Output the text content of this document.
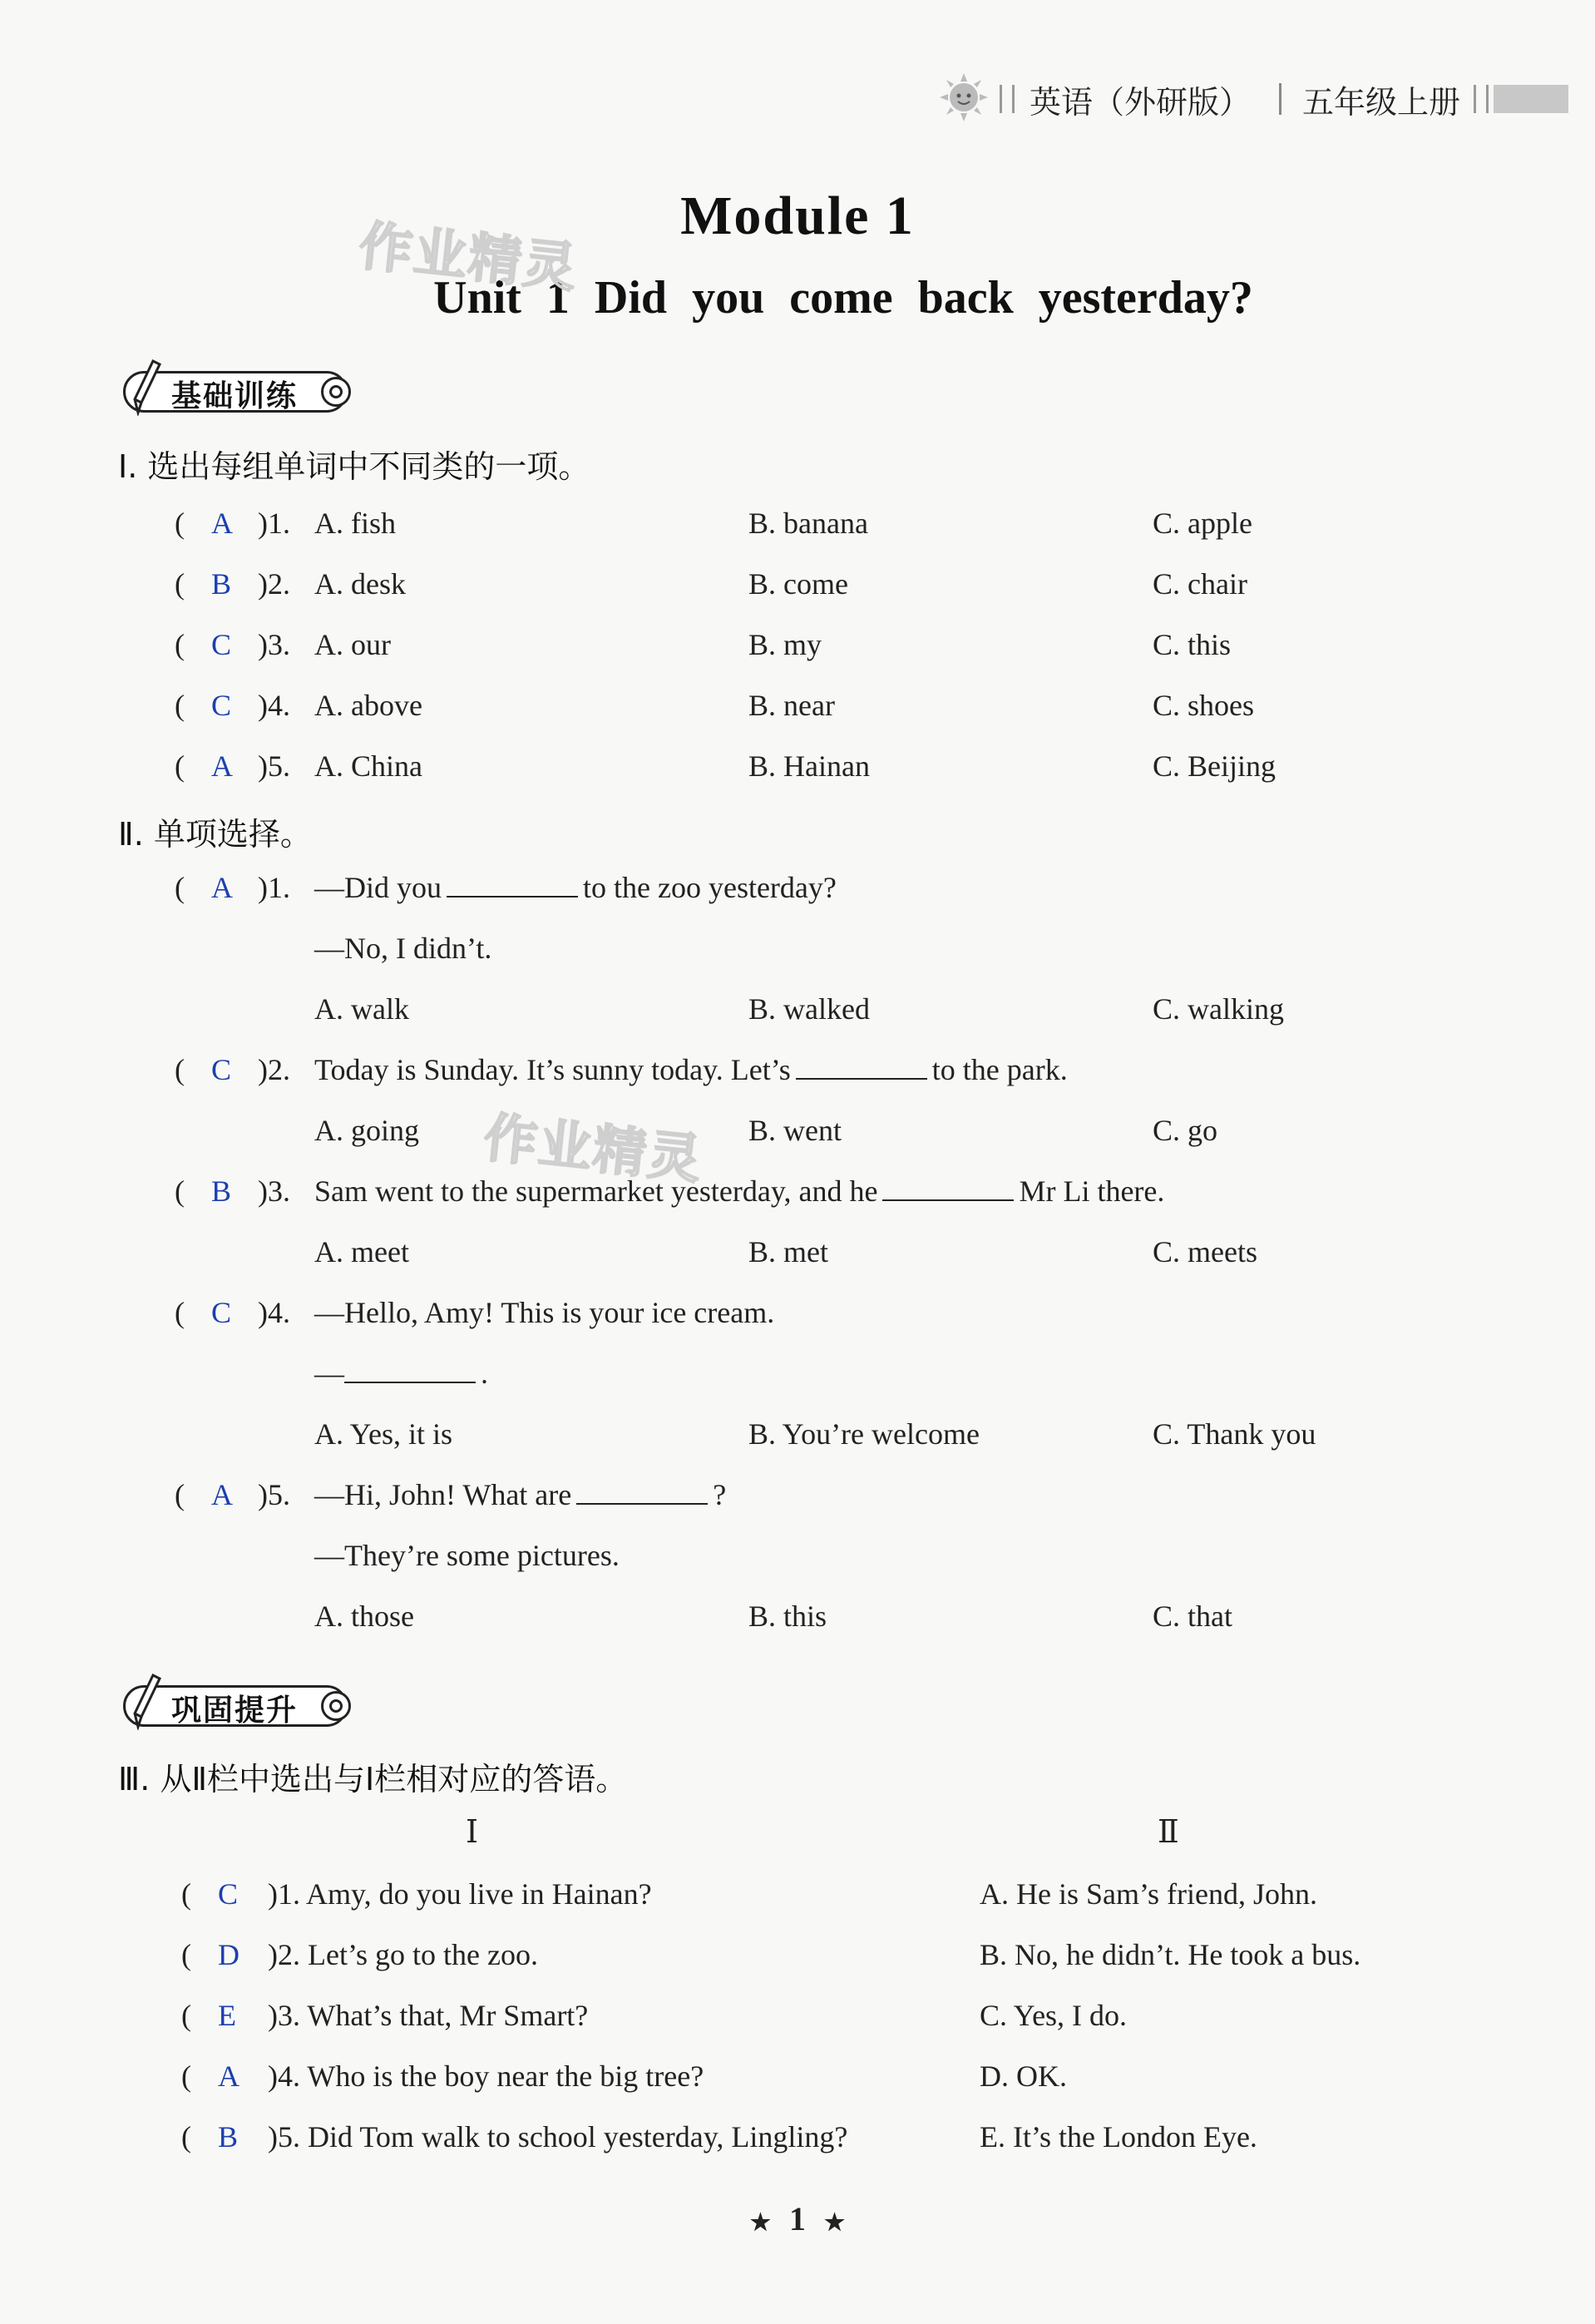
英语（外研版） 五年级上册
Module 1
Unit 1 Did you come back yesterday?
作业精灵
作业精灵
基础训练
Ⅰ. 选出每组单词中不同类的一项。
( A )1. A. fish	B. banana	C. apple
( B )2. A. desk	B. come	C. chair
( C )3. A. our	B. my	C. this
( C )4. A. above	B. near	C. shoes
( A )5. A. China	B. Hainan	C. Beijing
Ⅱ. 单项选择。
( A )1. —Did you	to the zoo yesterday?
—No, I didn’t.
A. walk	B. walked	C. walking
( C )2. Today is Sunday. It’s sunny today. Let’s	to the park.
A. going	B. went	C. go
( B )3. Sam went to the supermarket yesterday, and he	Mr Li there.
A. meet	B. met	C. meets
( C )4. —Hello, Amy! This is your ice cream.
—	.
A. Yes, it is	B. You’re welcome	C. Thank you
( A )5. —Hi, John! What are	?
—They’re some pictures.
A. those	B. this	C. that
巩固提升
Ⅲ. 从Ⅱ栏中选出与Ⅰ栏相对应的答语。
Ⅰ	Ⅱ
( C )1. Amy, do you live in Hainan?	A. He is Sam’s friend, John.
( D )2. Let’s go to the zoo.	B. No, he didn’t. He took a bus.
( E )3. What’s that, Mr Smart?	C. Yes, I do.
( A )4. Who is the boy near the big tree?	D. OK.
( B )5. Did Tom walk to school yesterday, Lingling?	E. It’s the London Eye.
★ 1 ★
